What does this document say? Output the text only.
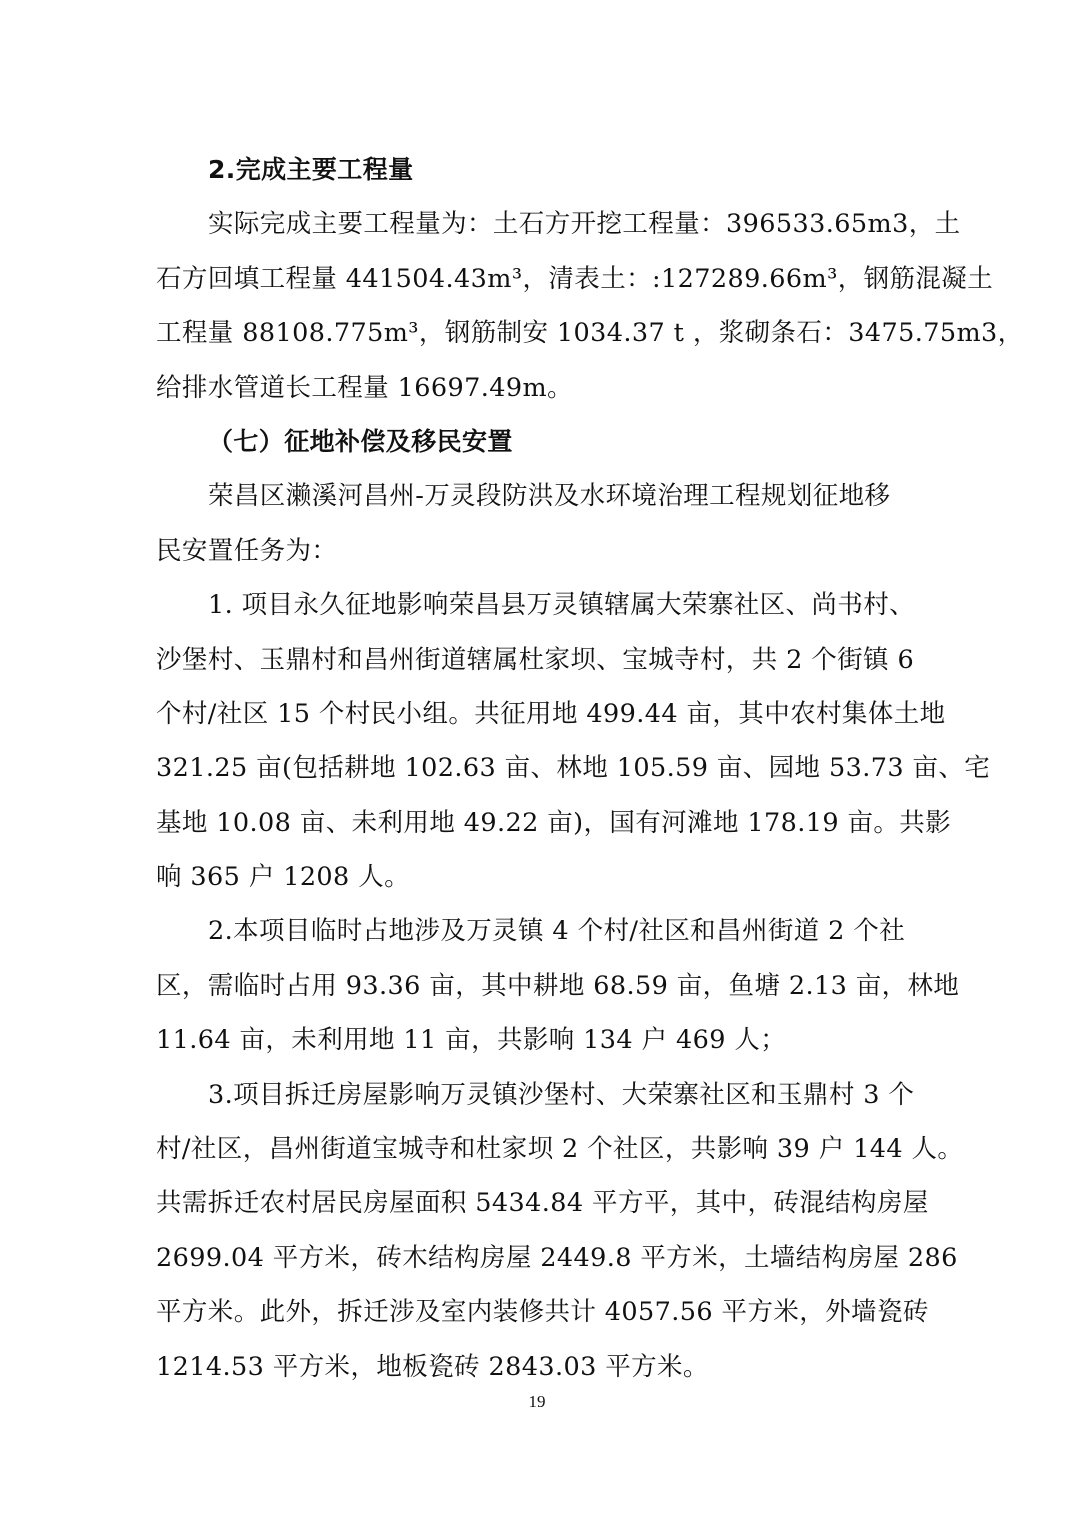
2.完成主要工程量
实际完成主要工程量为：土石方开挖工程量：396533.65m3，土
石方回填工程量 441504.43m³，清表土：:127289.66m³，钢筋混凝土
工程量 88108.775m³，钢筋制安 1034.37 t ，浆砌条石：3475.75m3，
给排水管道长工程量 16697.49m。
（七）征地补偿及移民安置
荣昌区濑溪河昌州-万灵段防洪及水环境治理工程规划征地移
民安置任务为：
1. 项目永久征地影响荣昌县万灵镇辖属大荣寨社区、尚书村、
沙堡村、玉鼎村和昌州街道辖属杜家坝、宝城寺村，共 2 个街镇 6
个村/社区 15 个村民小组。共征用地 499.44 亩，其中农村集体土地
321.25 亩(包括耕地 102.63 亩、林地 105.59 亩、园地 53.73 亩、宅
基地 10.08 亩、未利用地 49.22 亩)，国有河滩地 178.19 亩。共影
响 365 户 1208 人。
2.本项目临时占地涉及万灵镇 4 个村/社区和昌州街道 2 个社
区，需临时占用 93.36 亩，其中耕地 68.59 亩，鱼塘 2.13 亩，林地
11.64 亩，未利用地 11 亩，共影响 134 户 469 人；
3.项目拆迁房屋影响万灵镇沙堡村、大荣寨社区和玉鼎村 3 个
村/社区，昌州街道宝城寺和杜家坝 2 个社区，共影响 39 户 144 人。
共需拆迁农村居民房屋面积 5434.84 平方平，其中，砖混结构房屋
2699.04 平方米，砖木结构房屋 2449.8 平方米，土墙结构房屋 286
平方米。此外，拆迁涉及室内装修共计 4057.56 平方米，外墙瓷砖
1214.53 平方米，地板瓷砖 2843.03 平方米。
19
